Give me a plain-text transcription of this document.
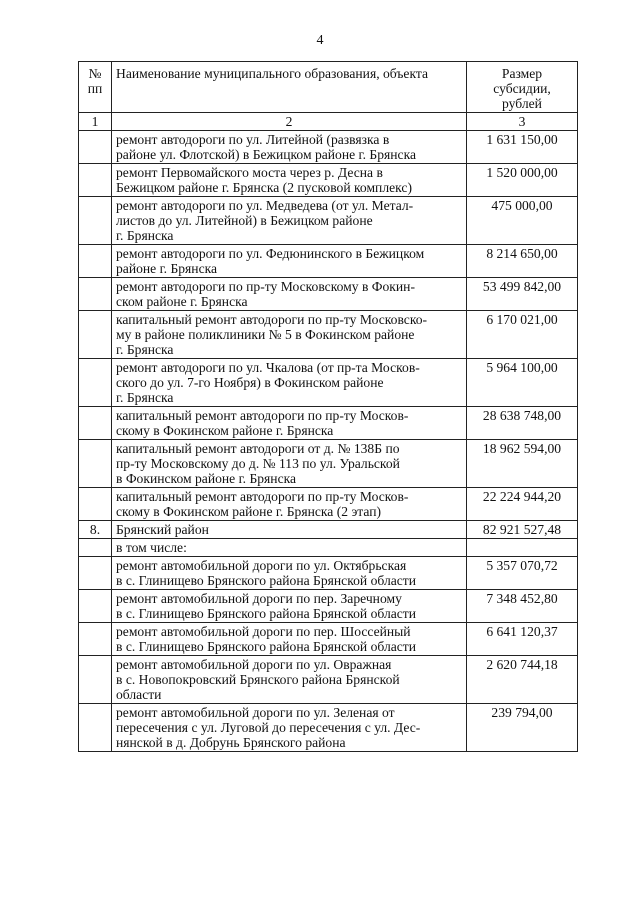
4
№
пп	Наименование муниципального образования, объекта	Размер
субсидии,
рублей
1	2	3
	ремонт автодороги по ул. Литейной (развязка в
районе ул. Флотской) в Бежицком районе г. Брянска	1 631 150,00
	ремонт Первомайского моста через р. Десна в
Бежицком районе г. Брянска (2 пусковой комплекс)	1 520 000,00
	ремонт автодороги по ул. Медведева (от ул. Метал-
листов до ул. Литейной) в Бежицком районе
г. Брянска	475 000,00
	ремонт автодороги по ул. Федюнинского в Бежицком
районе г. Брянска	8 214 650,00
	ремонт автодороги по пр-ту Московскому в Фокин-
ском районе г. Брянска	53 499 842,00
	капитальный ремонт автодороги по пр-ту Московско-
му в районе поликлиники № 5 в Фокинском районе
г. Брянска	6 170 021,00
	ремонт автодороги по ул. Чкалова (от пр-та Москов-
ского до ул. 7-го Ноября) в Фокинском районе
г. Брянска	5 964 100,00
	капитальный ремонт автодороги по пр-ту Москов-
скому в Фокинском районе г. Брянска	28 638 748,00
	капитальный ремонт автодороги от д. № 138Б по
пр-ту Московскому до д. № 113 по ул. Уральской
в Фокинском районе г. Брянска	18 962 594,00
	капитальный ремонт автодороги по пр-ту Москов-
скому в Фокинском районе г. Брянска (2 этап)	22 224 944,20
8.	Брянский район	82 921 527,48
	в том числе:	
	ремонт автомобильной дороги по ул. Октябрьская
в с. Глинищево Брянского района Брянской области	5 357 070,72
	ремонт автомобильной дороги по пер. Заречному
в с. Глинищево Брянского района Брянской области	7 348 452,80
	ремонт автомобильной дороги по пер. Шоссейный
в с. Глинищево Брянского района Брянской области	6 641 120,37
	ремонт автомобильной дороги по ул. Овражная
в с. Новопокровский Брянского района Брянской
области	2 620 744,18
	ремонт автомобильной дороги по ул. Зеленая от
пересечения с ул. Луговой до пересечения с ул. Дес-
нянской в д. Добрунь Брянского района	239 794,00
